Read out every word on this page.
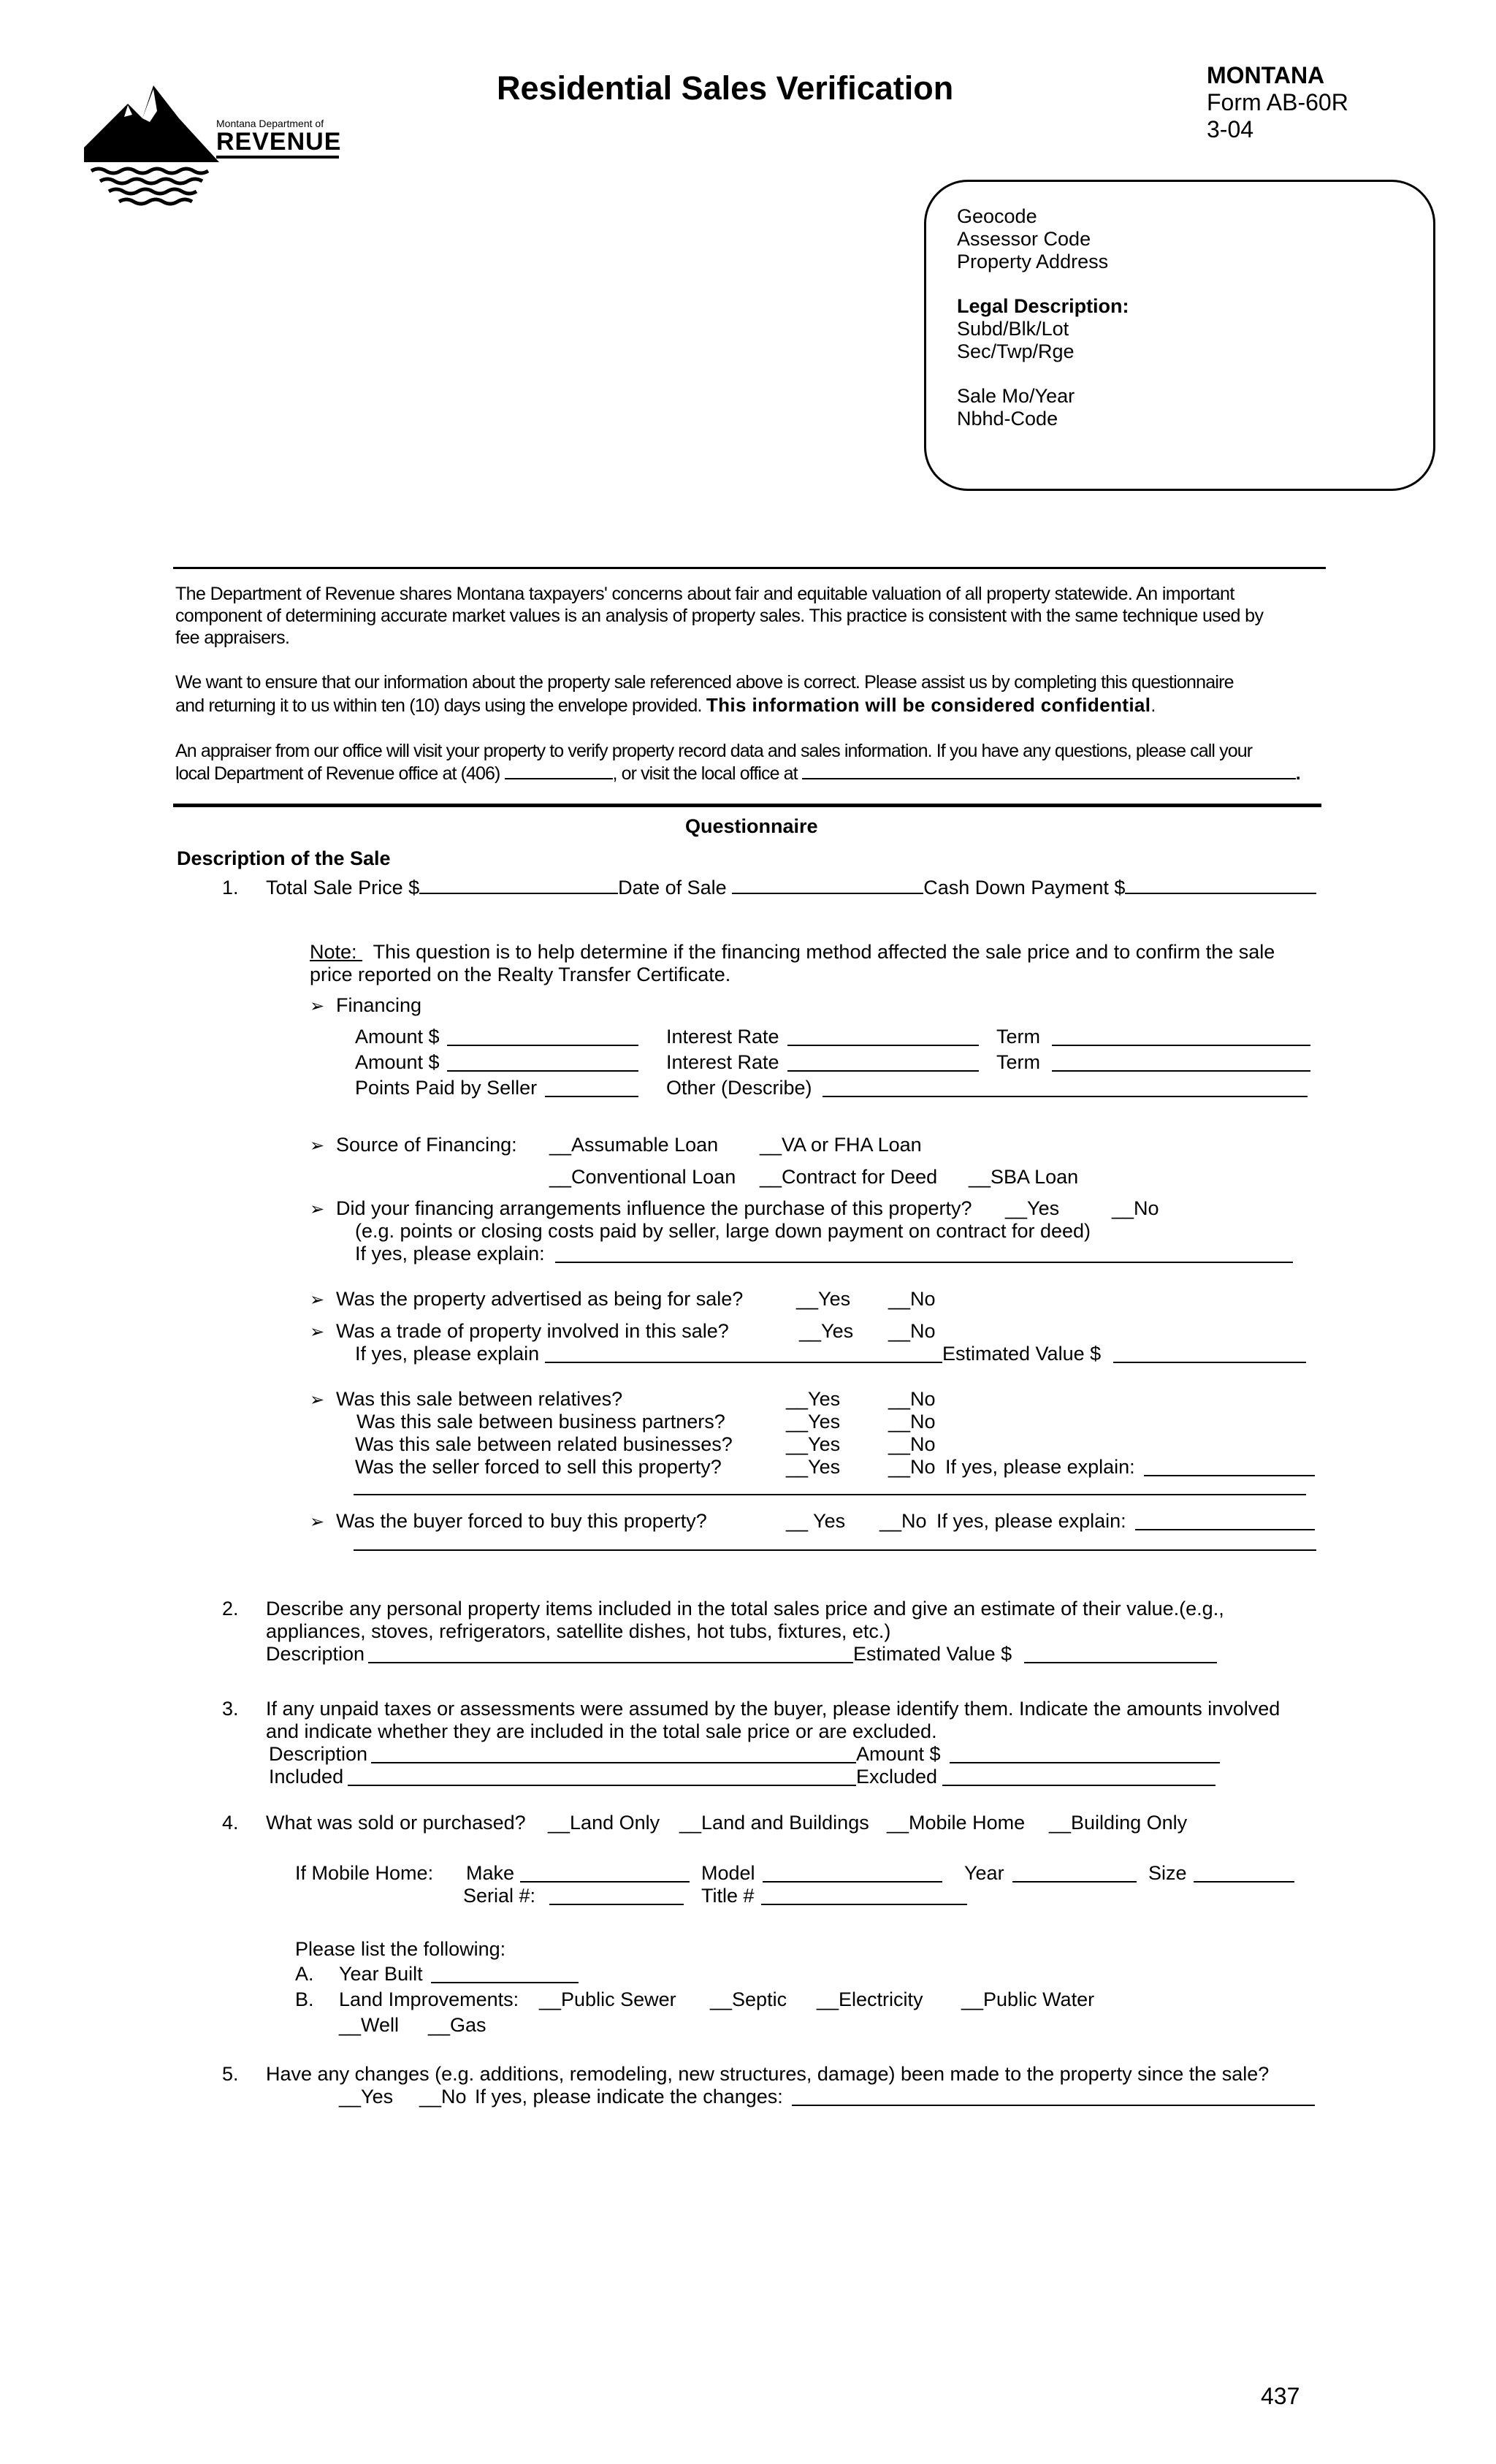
Montana Department of
REVENUE
Residential Sales Verification	MONTANA
Form AB-60R
3-04
Geocode
Assessor Code
Property Address
Legal Description:
Subd/Blk/Lot
Sec/Twp/Rge
Sale Mo/Year
Nbhd-Code
The Department of Revenue shares Montana taxpayers' concerns about fair and equitable valuation of all property statewide. An important
component of determining accurate market values is an analysis of property sales. This practice is consistent with the same technique used by
fee appraisers.
We want to ensure that our information about the property sale referenced above is correct. Please assist us by completing this questionnaire
and returning it to us within ten (10) days using the envelope provided. This information will be considered confidential.
An appraiser from our office will visit your property to verify property record data and sales information. If you have any questions, please call your
local Department of Revenue office at (406)	, or visit the local office at	.
Questionnaire
Description of the Sale
1. Total Sale Price $	Date of Sale	Cash Down Payment $
Note: This question is to help determine if the financing method affected the sale price and to confirm the sale
price reported on the Realty Transfer Certificate.
➢ Financing
Amount $	Interest Rate	Term
Amount $	Interest Rate	Term
Points Paid by Seller	Other (Describe)
➢ Source of Financing: __Assumable Loan __VA or FHA Loan
__Conventional Loan __Contract for Deed __SBA Loan
➢ Did your financing arrangements influence the purchase of this property? __Yes	__No
(e.g. points or closing costs paid by seller, large down payment on contract for deed)
If yes, please explain:
➢ Was the property advertised as being for sale?	__Yes __No
➢ Was a trade of property involved in this sale?	__Yes __No
If yes, please explain	Estimated Value $
➢ Was this sale between relatives?	__Yes __No
Was this sale between business partners?	__Yes __No
Was this sale between related businesses?	__Yes __No
Was the seller forced to sell this property?	__Yes __No If yes, please explain:
➢ Was the buyer forced to buy this property?	__ Yes __No If yes, please explain:
2. Describe any personal property items included in the total sales price and give an estimate of their value.(e.g.,
appliances, stoves, refrigerators, satellite dishes, hot tubs, fixtures, etc.)
Description	Estimated Value $
3. If any unpaid taxes or assessments were assumed by the buyer, please identify them. Indicate the amounts involved
and indicate whether they are included in the total sale price or are excluded.
Description	Amount $
Included	Excluded
4. What was sold or purchased? __Land Only __Land and Buildings __Mobile Home __Building Only
If Mobile Home: Make	Model	Year	Size
Serial #:	Title #
Please list the following:
A. Year Built
B. Land Improvements: __Public Sewer __Septic __Electricity __Public Water
__Well __Gas
5. Have any changes (e.g. additions, remodeling, new structures, damage) been made to the property since the sale?
__Yes __No If yes, please indicate the changes:
437
